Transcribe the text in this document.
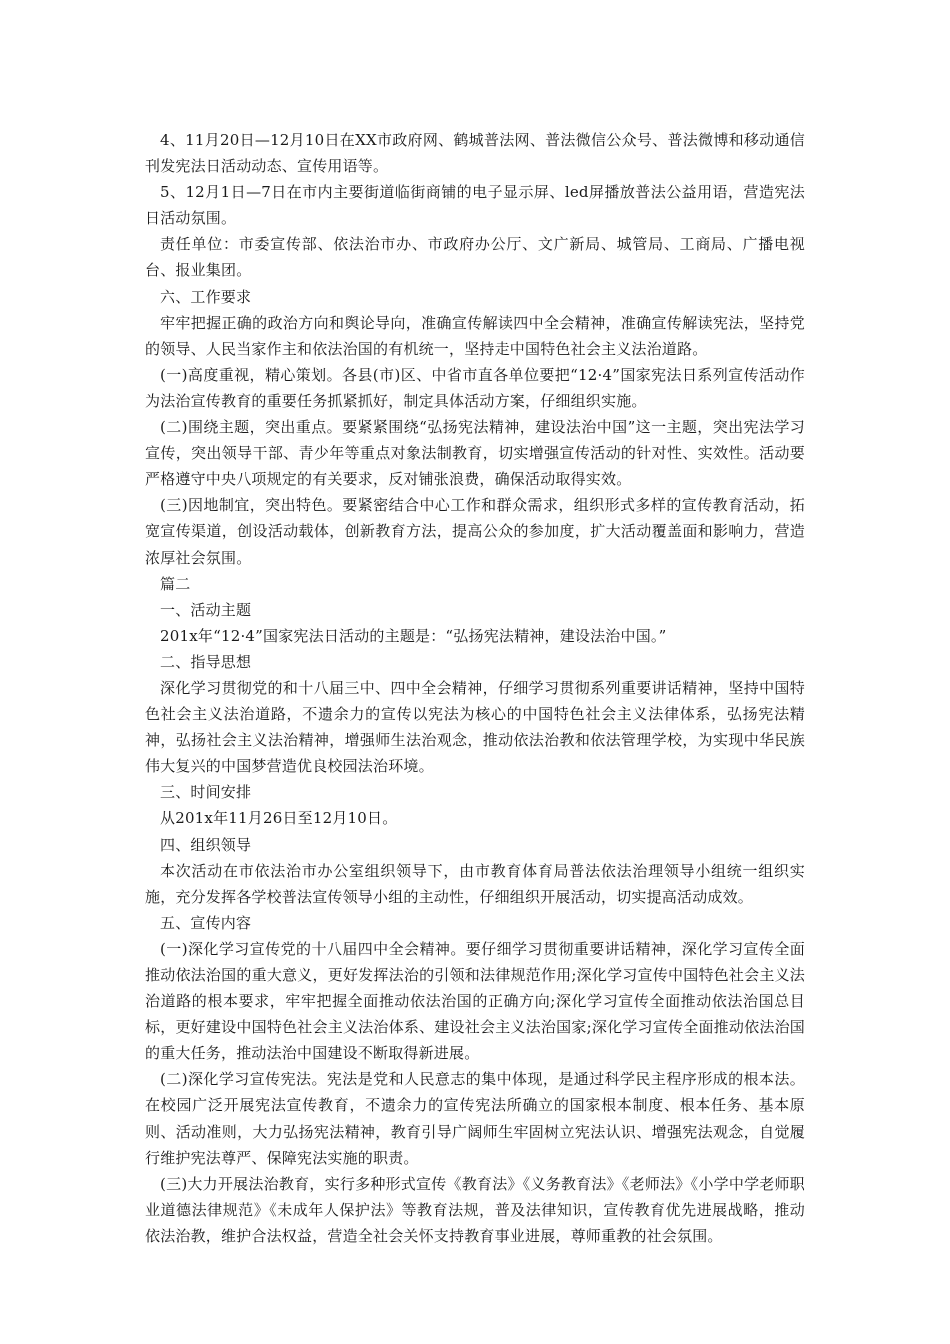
4、11月20日—12月10日在XX市政府网、鹤城普法网、普法微信公众号、普法微博和移动通信刊发宪法日活动动态、宣传用语等。

5、12月1日—7日在市内主要街道临街商铺的电子显示屏、led屏播放普法公益用语，营造宪法日活动氛围。

责任单位：市委宣传部、依法治市办、市政府办公厅、文广新局、城管局、工商局、广播电视台、报业集团。

六、工作要求

牢牢把握正确的政治方向和舆论导向，准确宣传解读四中全会精神，准确宣传解读宪法，坚持党的领导、人民当家作主和依法治国的有机统一，坚持走中国特色社会主义法治道路。

(一)高度重视，精心策划。各县(市)区、中省市直各单位要把“12·4”国家宪法日系列宣传活动作为法治宣传教育的重要任务抓紧抓好，制定具体活动方案，仔细组织实施。

(二)围绕主题，突出重点。要紧紧围绕“弘扬宪法精神，建设法治中国”这一主题，突出宪法学习宣传，突出领导干部、青少年等重点对象法制教育，切实增强宣传活动的针对性、实效性。活动要严格遵守中央八项规定的有关要求，反对铺张浪费，确保活动取得实效。

(三)因地制宜，突出特色。要紧密结合中心工作和群众需求，组织形式多样的宣传教育活动，拓宽宣传渠道，创设活动载体，创新教育方法，提高公众的参加度，扩大活动覆盖面和影响力，营造浓厚社会氛围。

篇二

一、活动主题

201x年“12·4”国家宪法日活动的主题是：“弘扬宪法精神，建设法治中国。”

二、指导思想

深化学习贯彻党的和十八届三中、四中全会精神，仔细学习贯彻系列重要讲话精神，坚持中国特色社会主义法治道路，不遗余力的宣传以宪法为核心的中国特色社会主义法律体系，弘扬宪法精神，弘扬社会主义法治精神，增强师生法治观念，推动依法治教和依法管理学校，为实现中华民族伟大复兴的中国梦营造优良校园法治环境。

三、时间安排

从201x年11月26日至12月10日。

四、组织领导

本次活动在市依法治市办公室组织领导下，由市教育体育局普法依法治理领导小组统一组织实施，充分发挥各学校普法宣传领导小组的主动性，仔细组织开展活动，切实提高活动成效。

五、宣传内容

(一)深化学习宣传党的十八届四中全会精神。要仔细学习贯彻重要讲话精神，深化学习宣传全面推动依法治国的重大意义，更好发挥法治的引领和法律规范作用;深化学习宣传中国特色社会主义法治道路的根本要求，牢牢把握全面推动依法治国的正确方向;深化学习宣传全面推动依法治国总目标，更好建设中国特色社会主义法治体系、建设社会主义法治国家;深化学习宣传全面推动依法治国的重大任务，推动法治中国建设不断取得新进展。

(二)深化学习宣传宪法。宪法是党和人民意志的集中体现，是通过科学民主程序形成的根本法。在校园广泛开展宪法宣传教育，不遗余力的宣传宪法所确立的国家根本制度、根本任务、基本原则、活动准则，大力弘扬宪法精神，教育引导广阔师生牢固树立宪法认识、增强宪法观念，自觉履行维护宪法尊严、保障宪法实施的职责。

(三)大力开展法治教育，实行多种形式宣传《教育法》《义务教育法》《老师法》《小学中学老师职业道德法律规范》《未成年人保护法》等教育法规，普及法律知识，宣传教育优先进展战略，推动依法治教，维护合法权益，营造全社会关怀支持教育事业进展，尊师重教的社会氛围。
